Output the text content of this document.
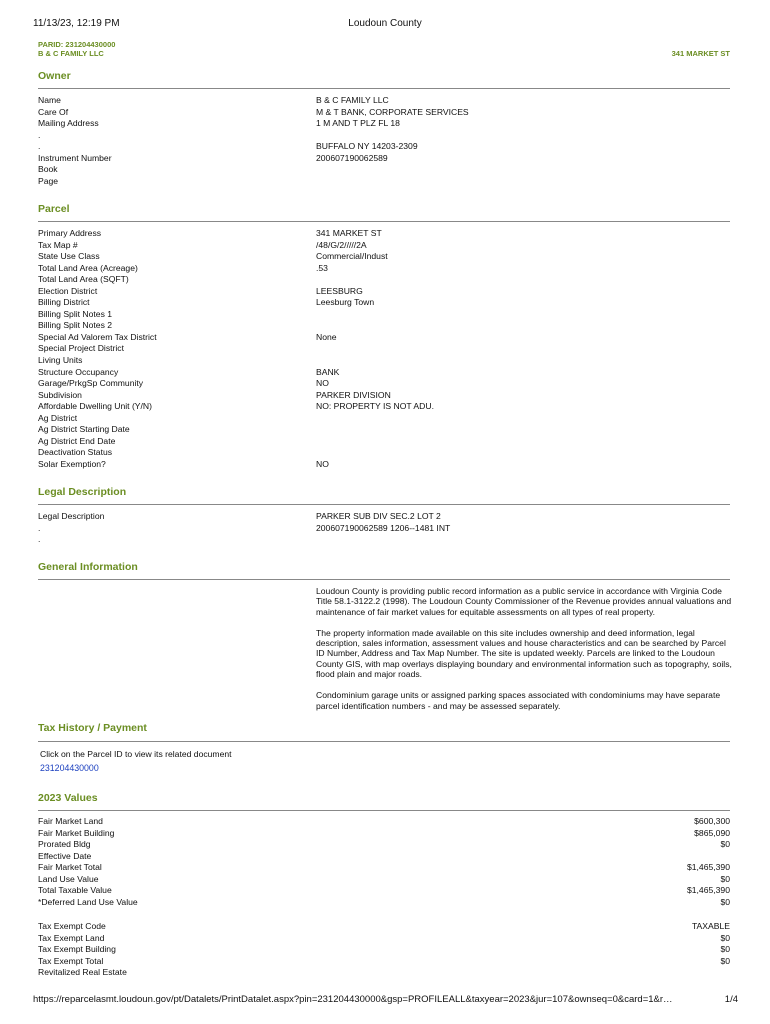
11/13/23, 12:19 PM	Loudoun County
PARID: 231204430000
B & C FAMILY LLC	341 MARKET ST
Owner
Name	B & C FAMILY LLC
Care Of	M & T BANK, CORPORATE SERVICES
Mailing Address	1 M AND T PLZ FL 18
.
.	BUFFALO NY 14203-2309
Instrument Number	200607190062589
Book
Page
Parcel
Primary Address	341 MARKET ST
Tax Map #	/48/G/2/////2A
State Use Class	Commercial/Indust
Total Land Area (Acreage)	.53
Total Land Area (SQFT)
Election District	LEESBURG
Billing District	Leesburg Town
Billing Split Notes 1
Billing Split Notes 2
Special Ad Valorem Tax District	None
Special Project District
Living Units
Structure Occupancy	BANK
Garage/PrkgSp Community	NO
Subdivision	PARKER DIVISION
Affordable Dwelling Unit (Y/N)	NO: PROPERTY IS NOT ADU.
Ag District
Ag District Starting Date
Ag District End Date
Deactivation Status
Solar Exemption?	NO
Legal Description
Legal Description	PARKER SUB DIV SEC.2 LOT 2
.	200607190062589 1206--1481 INT
.
General Information

Loudoun County is providing public record information as a public service in accordance with Virginia Code Title 58.1-3122.2 (1998). The Loudoun County Commissioner of the Revenue provides annual valuations and maintenance of fair market values for equitable assessments on all types of real property.

The property information made available on this site includes ownership and deed information, legal description, sales information, assessment values and house characteristics and can be searched by Parcel ID Number, Address and Tax Map Number. The site is updated weekly. Parcels are linked to the Loudoun County GIS, with map overlays displaying boundary and environmental information such as topography, soils, flood plain and major roads.

Condominium garage units or assigned parking spaces associated with condominiums may have separate parcel identification numbers - and may be assessed separately.

Tax History / Payment
Click on the Parcel ID to view its related document
231204430000
2023 Values
Fair Market Land	$600,300
Fair Market Building	$865,090
Prorated Bldg	$0
Effective Date
Fair Market Total	$1,465,390
Land Use Value	$0
Total Taxable Value	$1,465,390
*Deferred Land Use Value	$0
Tax Exempt Code	TAXABLE
Tax Exempt Land	$0
Tax Exempt Building	$0
Tax Exempt Total	$0
Revitalized Real Estate
https://reparcelasmt.loudoun.gov/pt/Datalets/PrintDatalet.aspx?pin=231204430000&gsp=PROFILEALL&taxyear=2023&jur=107&ownseq=0&card=1&r…	1/4
